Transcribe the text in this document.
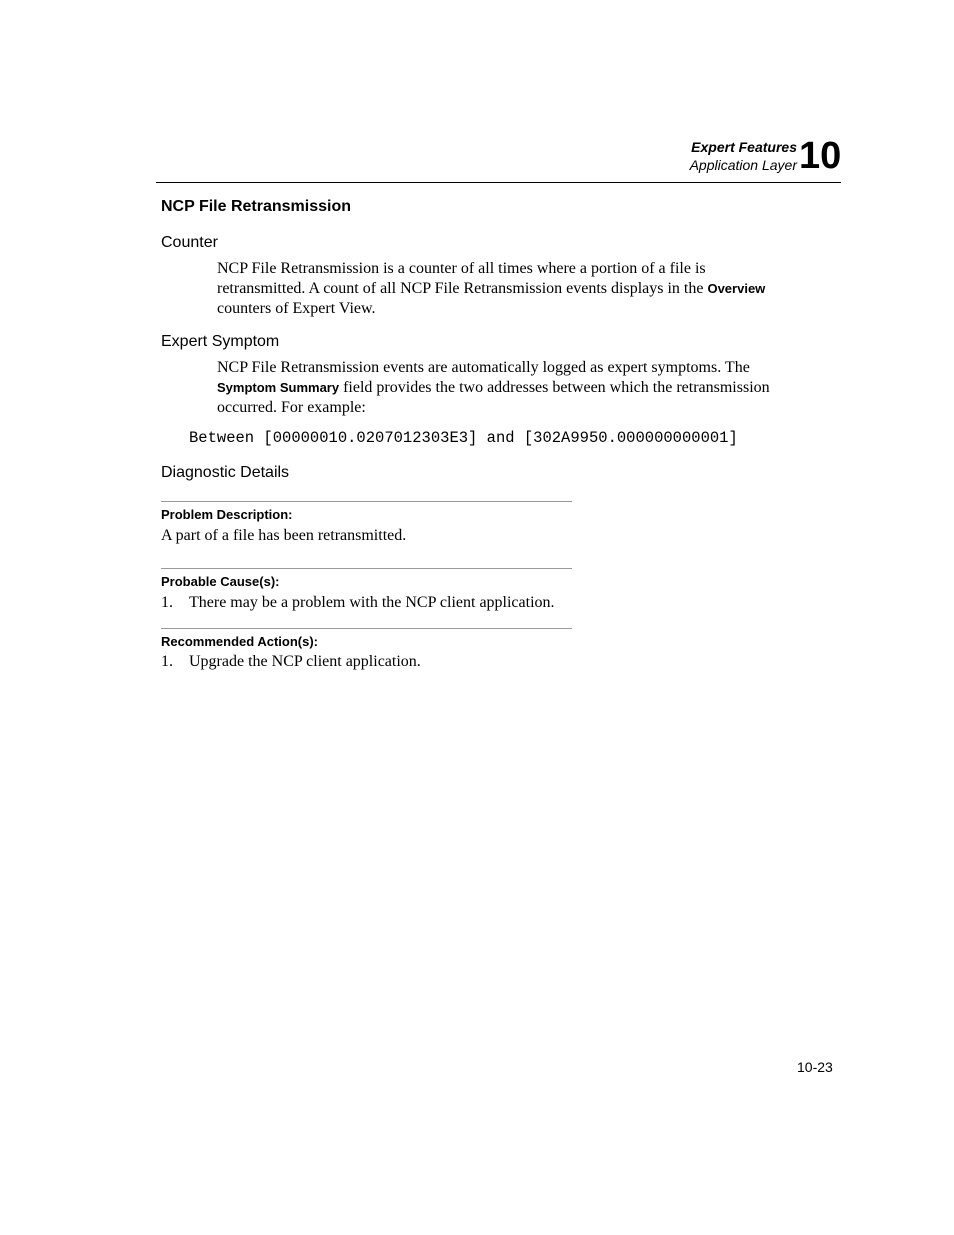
Expert Features
Application Layer 10
NCP File Retransmission
Counter
NCP File Retransmission is a counter of all times where a portion of a file is retransmitted. A count of all NCP File Retransmission events displays in the Overview counters of Expert View.
Expert Symptom
NCP File Retransmission events are automatically logged as expert symptoms. The Symptom Summary field provides the two addresses between which the retransmission occurred. For example:
Between [00000010.0207012303E3] and [302A9950.000000000001]
Diagnostic Details
Problem Description:
A part of a file has been retransmitted.
Probable Cause(s):
1. There may be a problem with the NCP client application.
Recommended Action(s):
1. Upgrade the NCP client application.
10-23
